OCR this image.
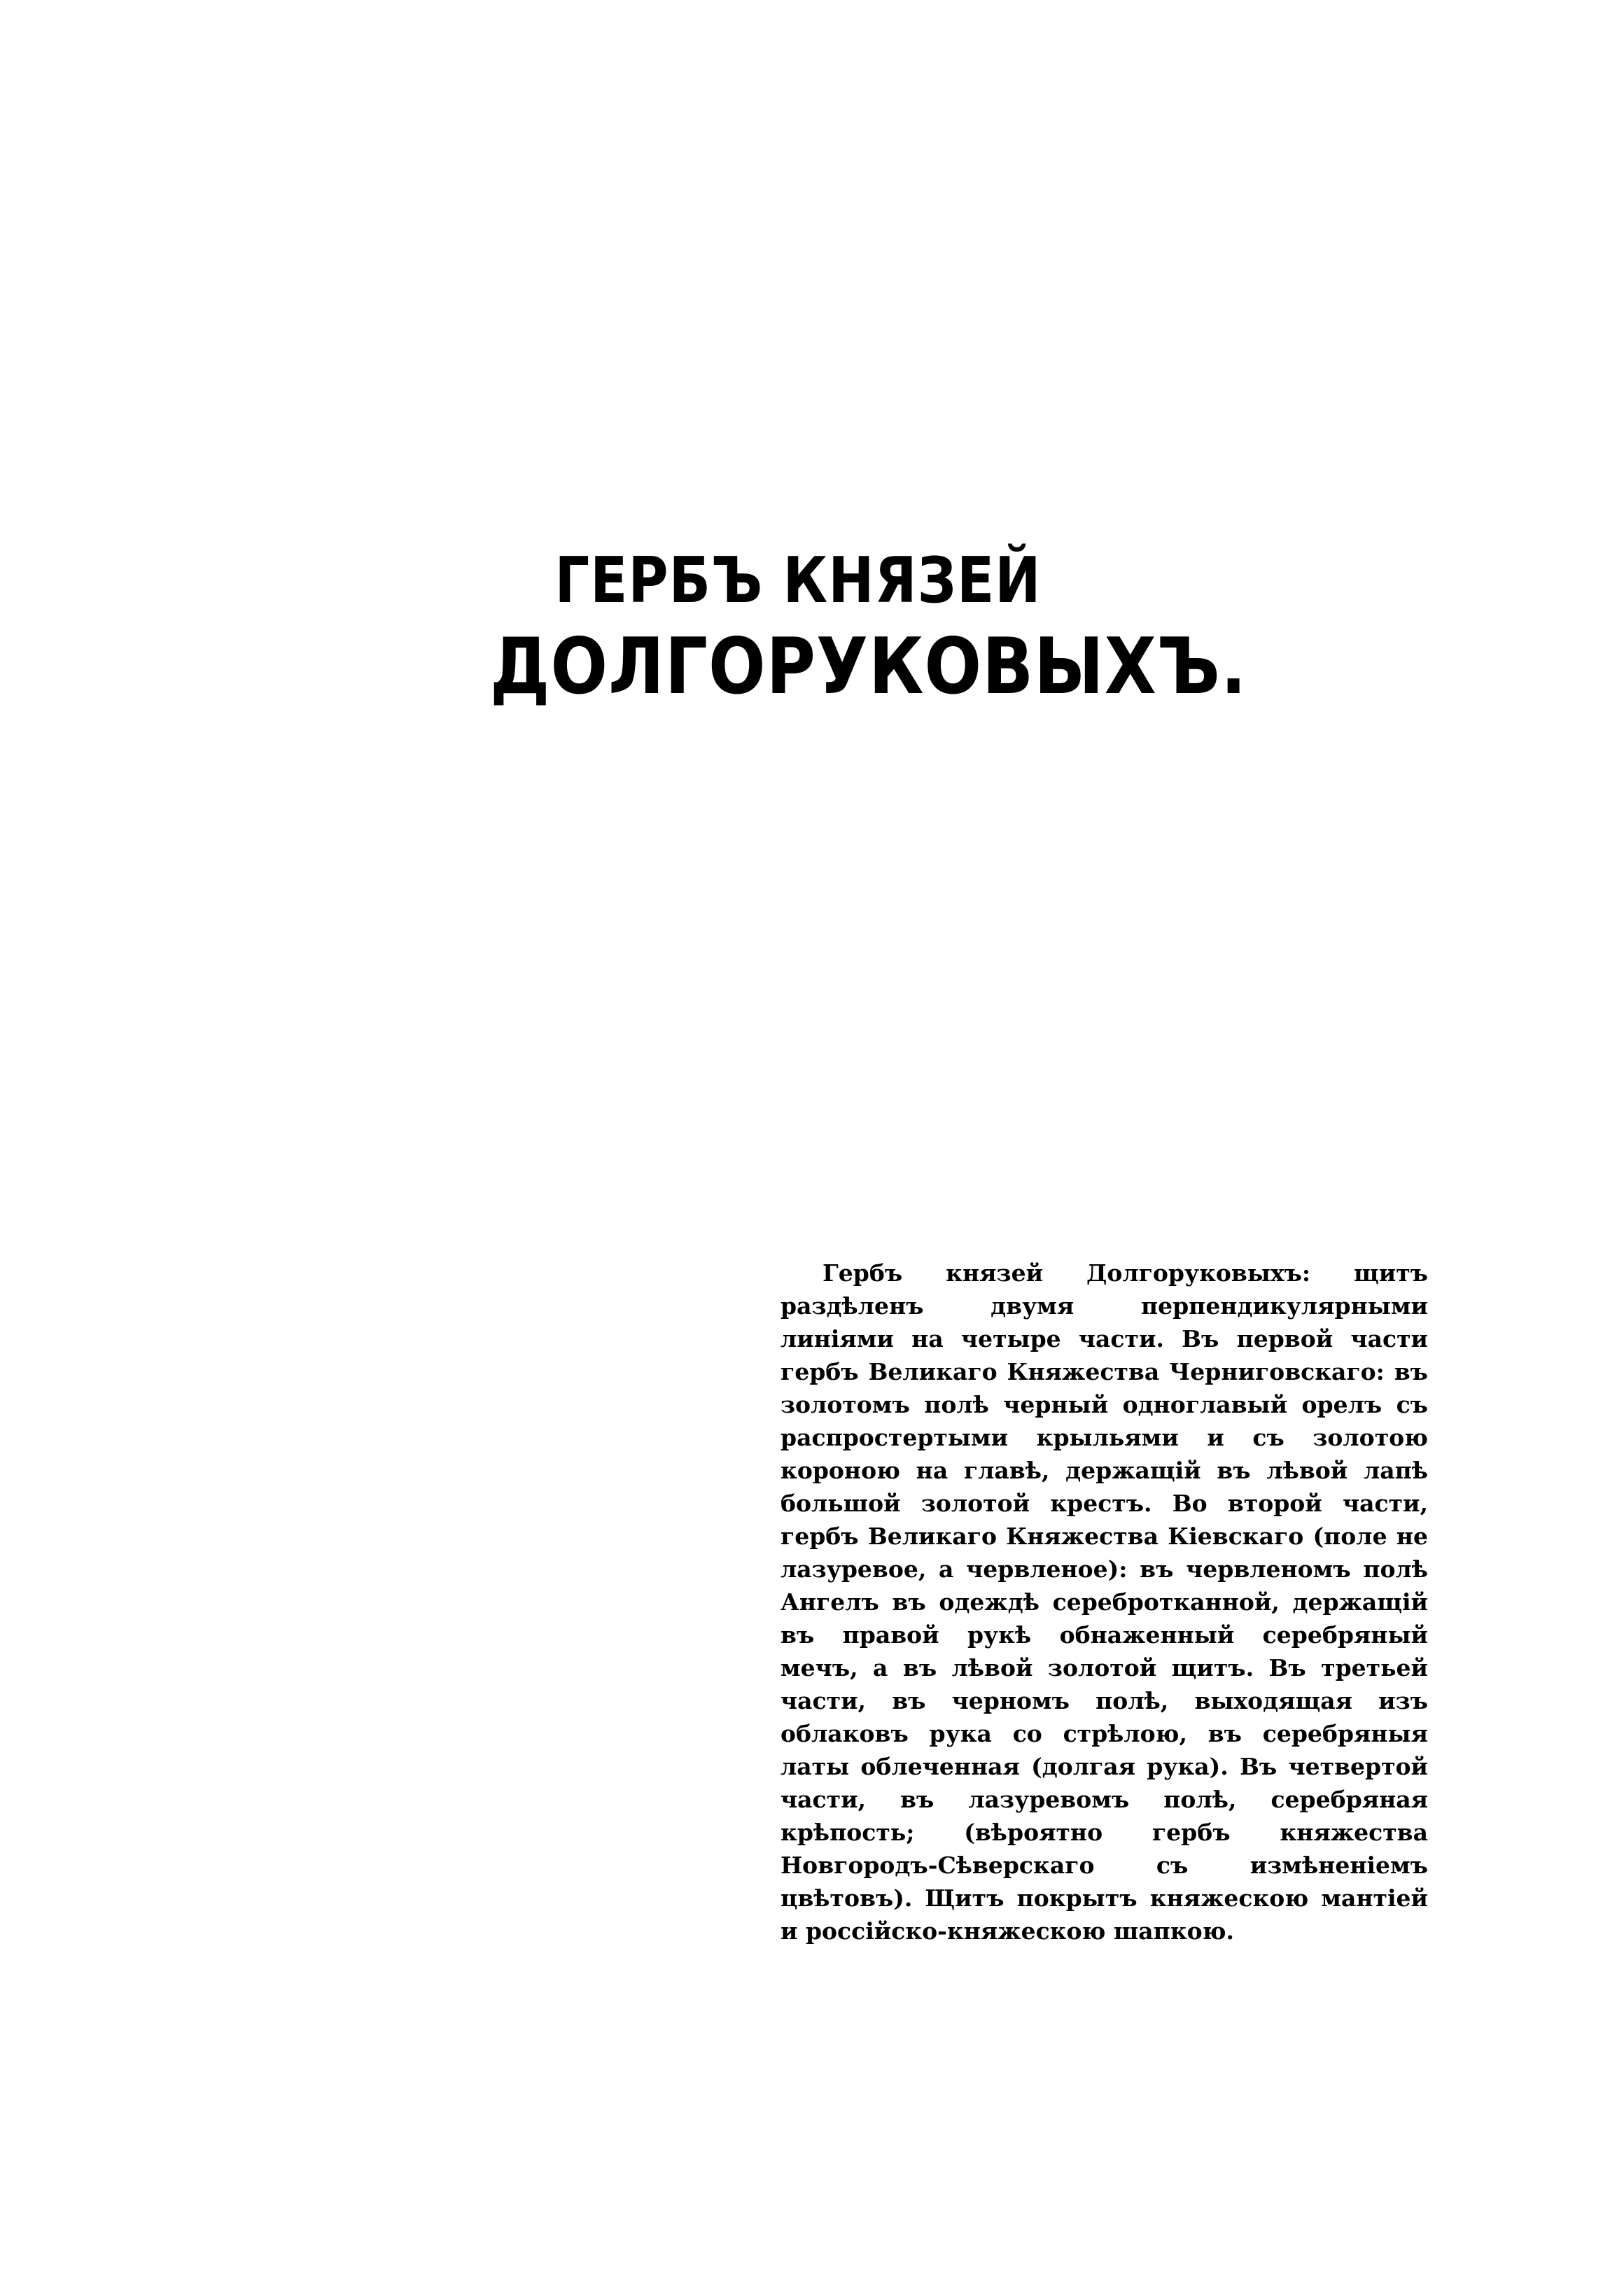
ГЕРБЪ КНЯЗЕЙ
ДОЛГОРУКОВЫХЪ.

Гербъ князей Долгоруковыхъ: щитъ раздѣленъ двумя перпендикулярными линіями на четыре части. Въ первой части гербъ Великаго Княжества Черниговскаго: въ золотомъ полѣ черный одноглавый орелъ съ распростертыми крыльями и съ золотою короною на главѣ, держащій въ лѣвой лапѣ большой золотой крестъ. Во второй части, гербъ Великаго Княжества Кіевскаго (поле не лазуревое, а червленое): въ червленомъ полѣ Ангелъ въ одеждѣ сереброткaнной, держащій въ правой рукѣ обнаженный серебряный мечъ, а въ лѣвой золотой щитъ. Въ третьей части, въ черномъ полѣ, выходящая изъ облаковъ рука со стрѣлою, въ серебряныя латы облеченная (долгая рука). Въ четвертой части, въ лазуревомъ полѣ, серебряная крѣпость; (вѣроятно гербъ княжества Новгородъ-Сѣверскаго съ измѣненіемъ цвѣтовъ). Щитъ покрытъ княжескою мантіей и россійско-княжескою шапкою.
